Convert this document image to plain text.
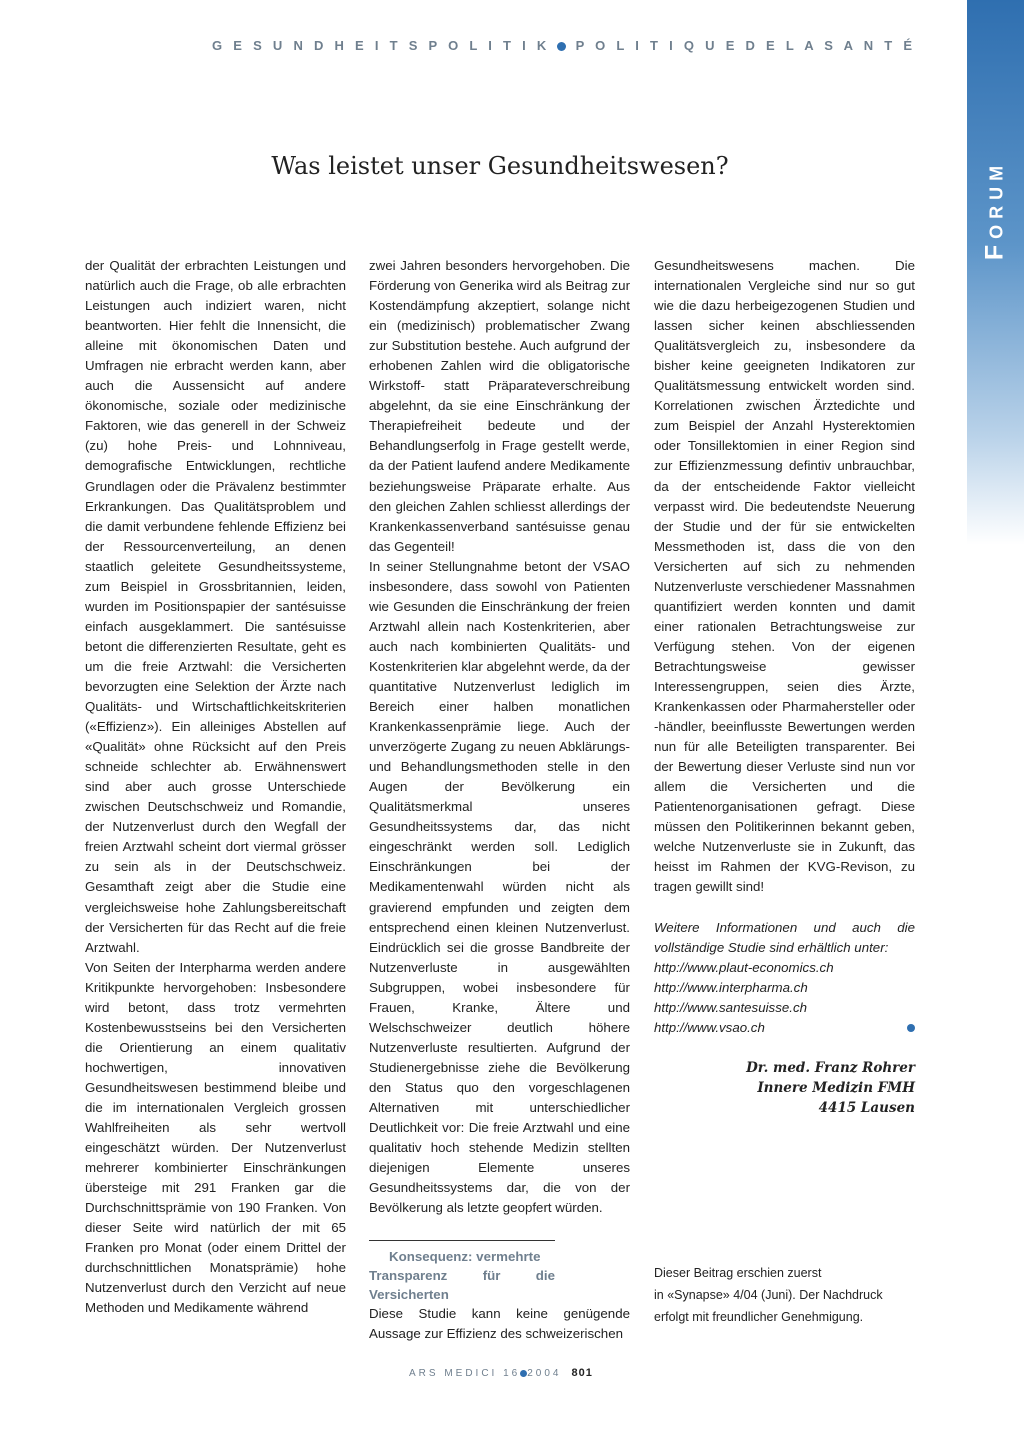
FORUM
G E S U N D H E I T S P O L I T I K P O L I T I Q U E D E L A S A N T É
Was leistet unser Gesundheitswesen?

der Qualität der erbrachten Leistungen und natürlich auch die Frage, ob alle erbrachten Leistungen auch indiziert waren, nicht beantworten. Hier fehlt die Innensicht, die alleine mit ökonomischen Daten und Umfragen nie erbracht werden kann, aber auch die Aussensicht auf andere ökonomische, soziale oder medizinische Faktoren, wie das generell in der Schweiz (zu) hohe Preis- und Lohnniveau, demografische Entwicklungen, rechtliche Grundlagen oder die Prävalenz bestimmter Erkrankungen. Das Qualitätsproblem und die damit verbundene fehlende Effizienz bei der Ressourcenverteilung, an denen staatlich geleitete Gesundheitssysteme, zum Beispiel in Grossbritannien, leiden, wurden im Positionspapier der santésuisse einfach ausgeklammert. Die santésuisse betont die differenzierten Resultate, geht es um die freie Arztwahl: die Versicherten bevorzugten eine Selektion der Ärzte nach Qualitäts- und Wirtschaftlichkeitskriterien («Effizienz»). Ein alleiniges Abstellen auf «Qualität» ohne Rücksicht auf den Preis schneide schlechter ab. Erwähnenswert sind aber auch grosse Unterschiede zwischen Deutschschweiz und Romandie, der Nutzenverlust durch den Wegfall der freien Arztwahl scheint dort viermal grösser zu sein als in der Deutschschweiz. Gesamthaft zeigt aber die Studie eine vergleichsweise hohe Zahlungsbereitschaft der Versicherten für das Recht auf die freie Arztwahl.

Von Seiten der Interpharma werden andere Kritikpunkte hervorgehoben: Insbesondere wird betont, dass trotz vermehrten Kostenbewusstseins bei den Versicherten die Orientierung an einem qualitativ hochwertigen, innovativen Gesundheitswesen bestimmend bleibe und die im internationalen Vergleich grossen Wahlfreiheiten als sehr wertvoll eingeschätzt würden. Der Nutzenverlust mehrerer kombinierter Einschränkungen übersteige mit 291 Franken gar die Durchschnittsprämie von 190 Franken. Von dieser Seite wird natürlich der mit 65 Franken pro Monat (oder einem Drittel der durchschnittlichen Monatsprämie) hohe Nutzenverlust durch den Verzicht auf neue Methoden und Medikamente während

zwei Jahren besonders hervorgehoben. Die Förderung von Generika wird als Beitrag zur Kostendämpfung akzeptiert, solange nicht ein (medizinisch) problematischer Zwang zur Substitution bestehe. Auch aufgrund der erhobenen Zahlen wird die obligatorische Wirkstoff- statt Präparateverschreibung abgelehnt, da sie eine Einschränkung der Therapiefreiheit bedeute und der Behandlungserfolg in Frage gestellt werde, da der Patient laufend andere Medikamente beziehungsweise Präparate erhalte. Aus den gleichen Zahlen schliesst allerdings der Krankenkassenverband santésuisse genau das Gegenteil!

In seiner Stellungnahme betont der VSAO insbesondere, dass sowohl von Patienten wie Gesunden die Einschränkung der freien Arztwahl allein nach Kostenkriterien, aber auch nach kombinierten Qualitäts- und Kostenkriterien klar abgelehnt werde, da der quantitative Nutzenverlust lediglich im Bereich einer halben monatlichen Krankenkassenprämie liege. Auch der unverzögerte Zugang zu neuen Abklärungs- und Behandlungsmethoden stelle in den Augen der Bevölkerung ein Qualitätsmerkmal unseres Gesundheitssystems dar, das nicht eingeschränkt werden soll. Lediglich Einschränkungen bei der Medikamentenwahl würden nicht als gravierend empfunden und zeigten dem entsprechend einen kleinen Nutzenverlust. Eindrücklich sei die grosse Bandbreite der Nutzenverluste in ausgewählten Subgruppen, wobei insbesondere für Frauen, Kranke, Ältere und Welschschweizer deutlich höhere Nutzenverluste resultierten. Aufgrund der Studienergebnisse ziehe die Bevölkerung den Status quo den vorgeschlagenen Alternativen mit unterschiedlicher Deutlichkeit vor: Die freie Arztwahl und eine qualitativ hoch stehende Medizin stellten diejenigen Elemente unseres Gesundheitssystems dar, die von der Bevölkerung als letzte geopfert würden.

Konsequenz: vermehrte
Transparenz für die Versicherten

Diese Studie kann keine genügende Aussage zur Effizienz des schweizerischen

Gesundheitswesens machen. Die internationalen Vergleiche sind nur so gut wie die dazu herbeigezogenen Studien und lassen sicher keinen abschliessenden Qualitätsvergleich zu, insbesondere da bisher keine geeigneten Indikatoren zur Qualitätsmessung entwickelt worden sind. Korrelationen zwischen Ärztedichte und zum Beispiel der Anzahl Hysterektomien oder Tonsillektomien in einer Region sind zur Effizienzmessung defintiv unbrauchbar, da der entscheidende Faktor vielleicht verpasst wird. Die bedeutendste Neuerung der Studie und der für sie entwickelten Messmethoden ist, dass die von den Versicherten auf sich zu nehmenden Nutzenverluste verschiedener Massnahmen quantifiziert werden konnten und damit einer rationalen Betrachtungsweise zur Verfügung stehen. Von der eigenen Betrachtungsweise gewisser Interessengruppen, seien dies Ärzte, Krankenkassen oder Pharmahersteller oder -händler, beeinflusste Bewertungen werden nun für alle Beteiligten transparenter. Bei der Bewertung dieser Verluste sind nun vor allem die Versicherten und die Patientenorganisationen gefragt. Diese müssen den Politikerinnen bekannt geben, welche Nutzenverluste sie in Zukunft, das heisst im Rahmen der KVG-Revison, zu tragen gewillt sind!

Weitere Informationen und auch die vollständige Studie sind erhältlich unter:

http://www.plaut-economics.ch
http://www.interpharma.ch
http://www.santesuisse.ch
http://www.vsao.ch
Dr. med. Franz Rohrer
Innere Medizin FMH
4415 Lausen
Dieser Beitrag erschien zuerst
in «Synapse» 4/04 (Juni). Der Nachdruck
erfolgt mit freundlicher Genehmigung.
ARS MEDICI 16 2004 801
